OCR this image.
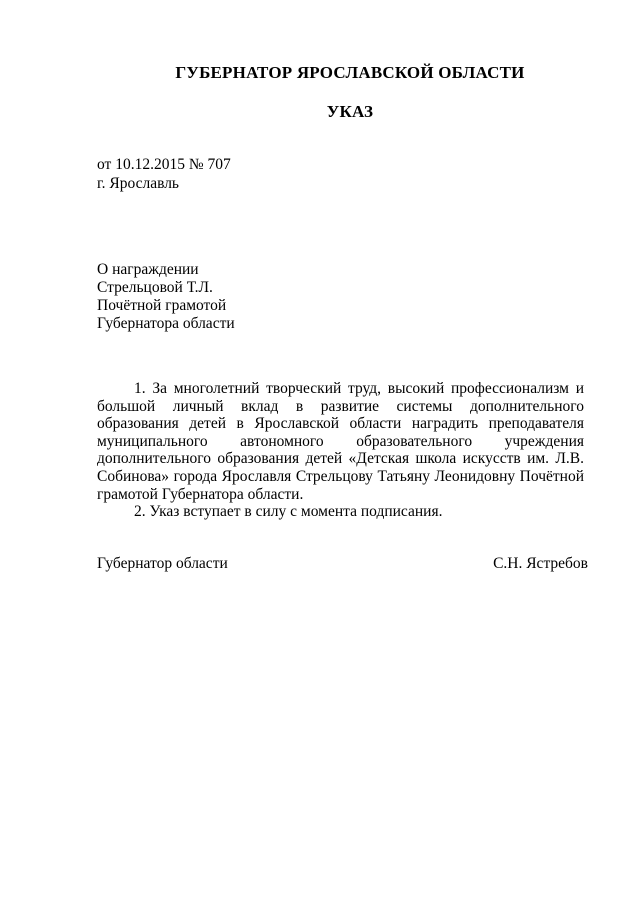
ГУБЕРНАТОР ЯРОСЛАВСКОЙ ОБЛАСТИ
УКАЗ
от 10.12.2015 № 707
г. Ярославль
О награждении
Стрельцовой Т.Л.
Почётной грамотой
Губернатора области

1. За многолетний творческий труд, высокий профессионализм и большой личный вклад в развитие системы дополнительного образования детей в Ярославской области наградить преподавателя муниципального автономного образовательного учреждения дополнительного образования детей «Детская школа искусств им. Л.В. Собинова» города Ярославля Стрельцову Татьяну Леонидовну Почётной грамотой Губернатора области.

2. Указ вступает в силу с момента подписания.

Губернатор области	С.Н. Ястребов
